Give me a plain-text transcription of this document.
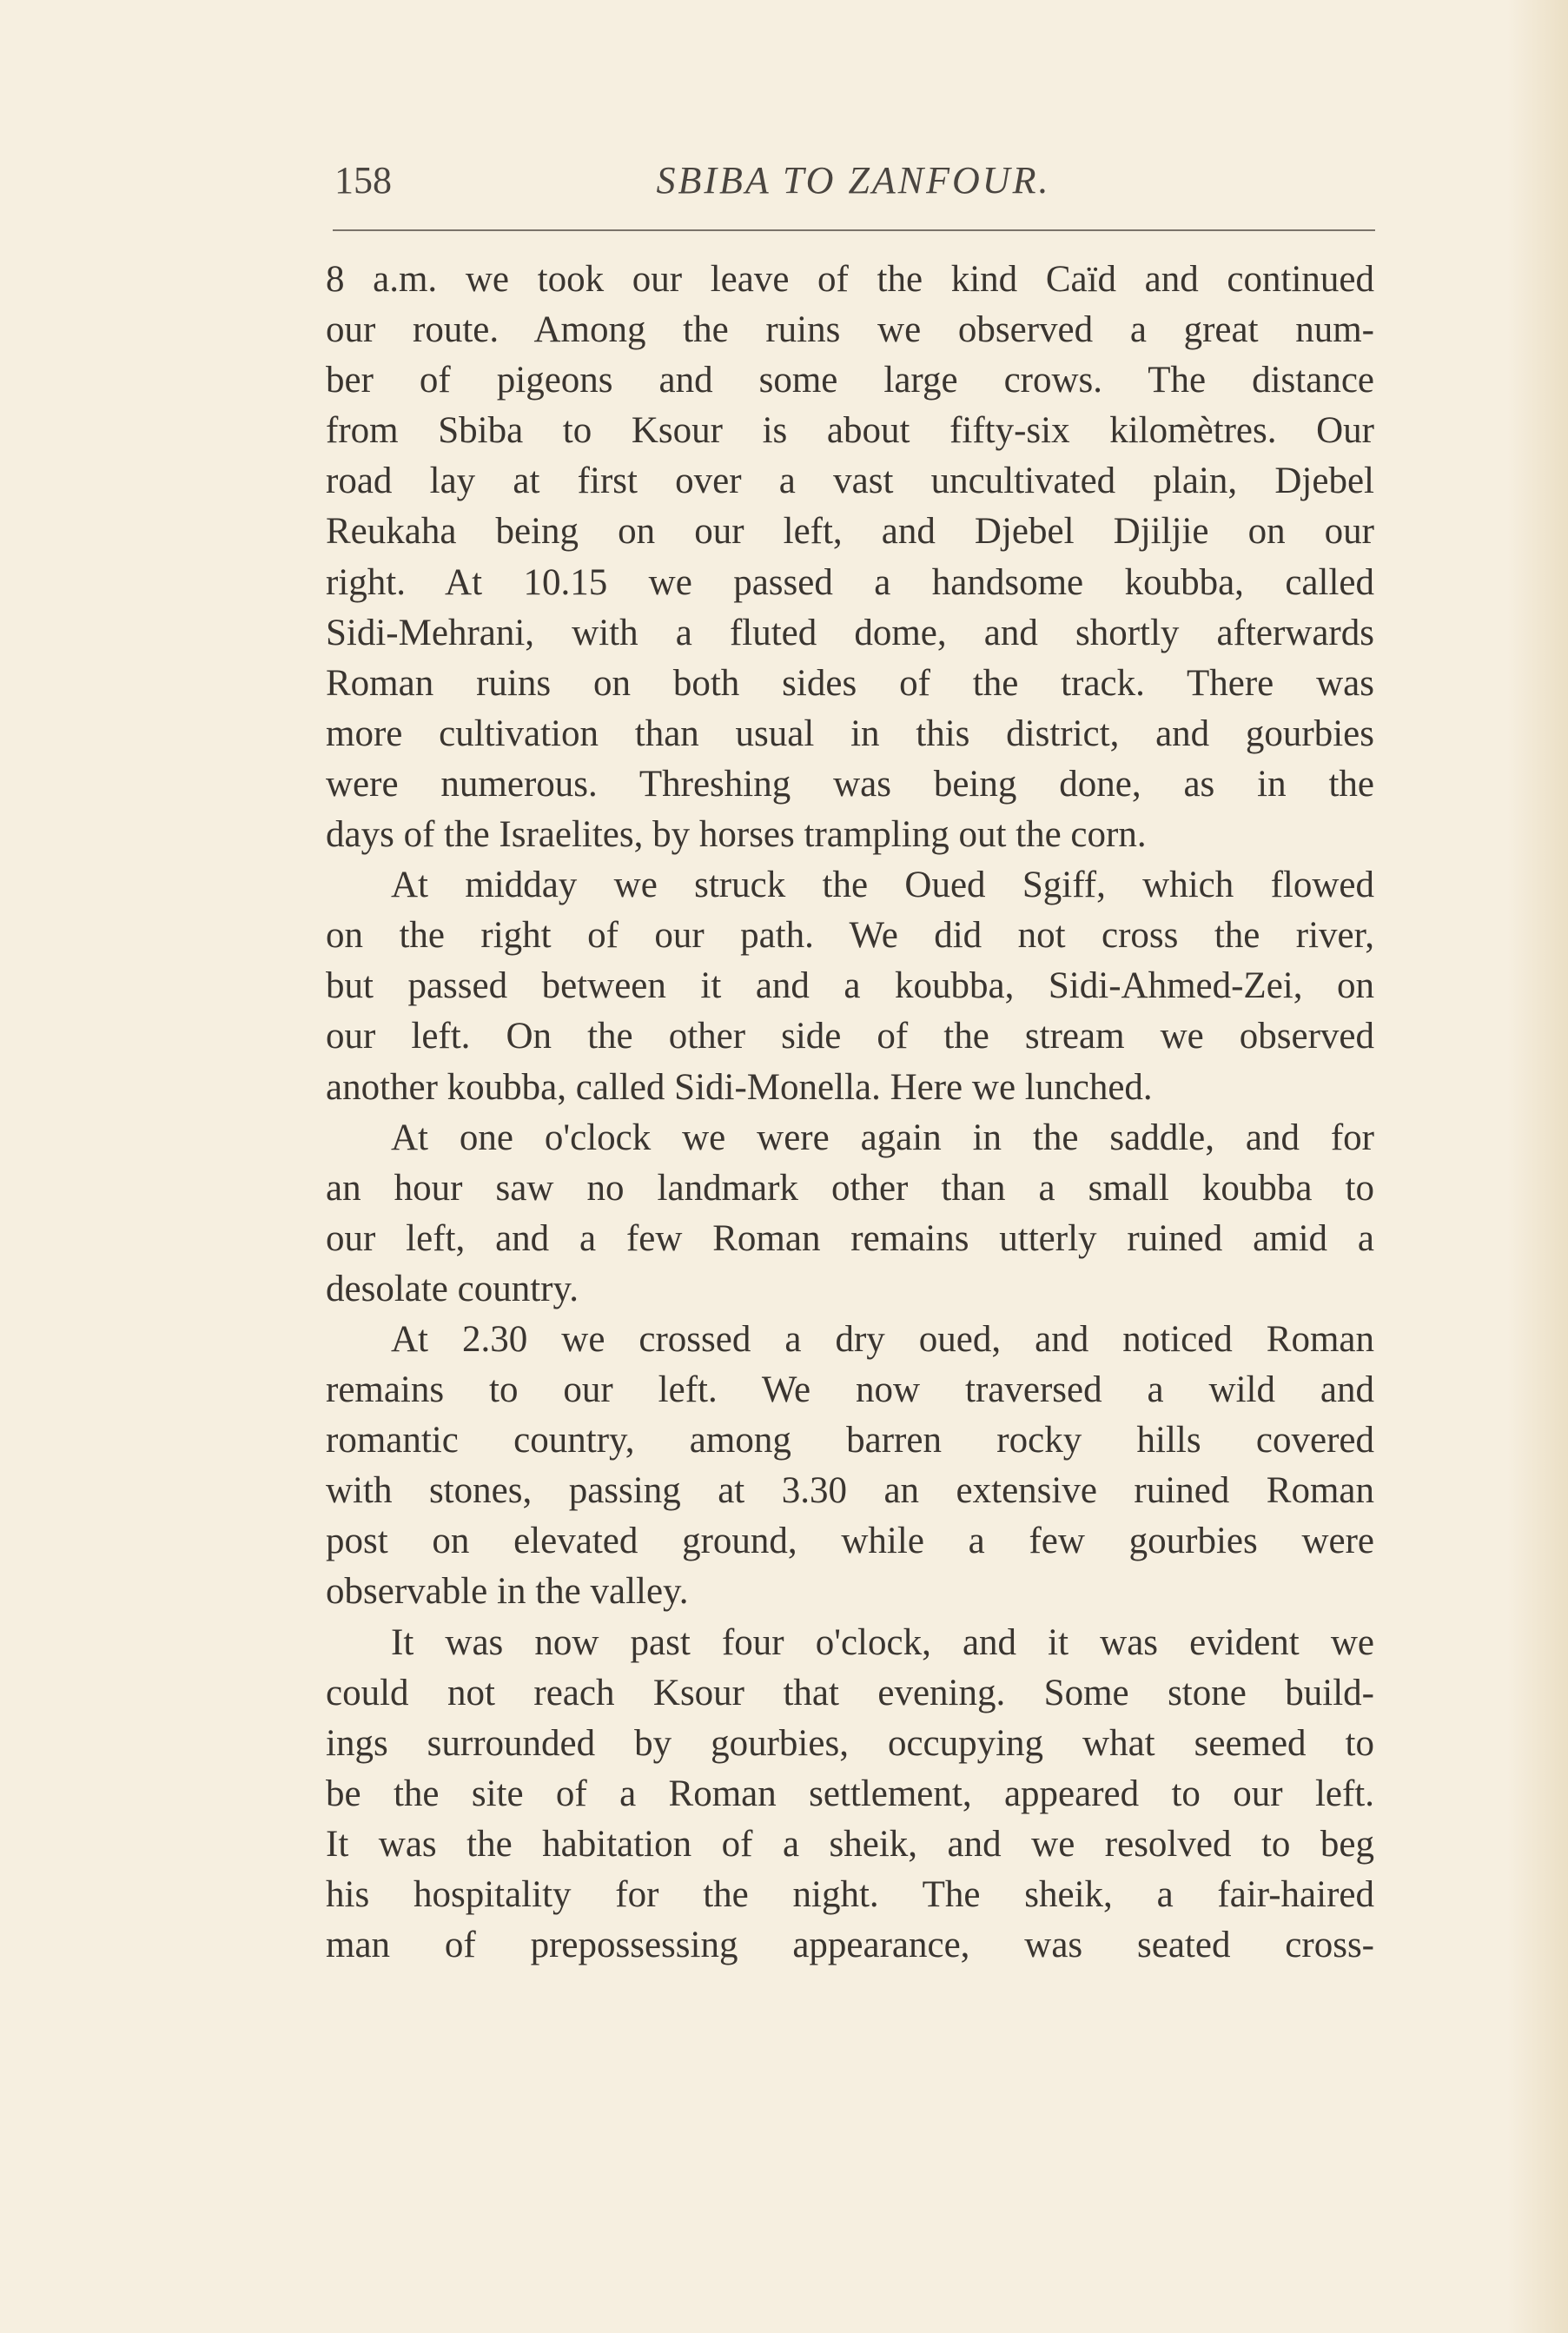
158	SBIBA TO ZANFOUR.
8 a.m. we took our leave of the kind Caïd and continued
our route. Among the ruins we observed a great num-
ber of pigeons and some large crows. The distance
from Sbiba to Ksour is about fifty-six kilomètres. Our
road lay at first over a vast uncultivated plain, Djebel
Reukaha being on our left, and Djebel Djiljie on our
right. At 10.15 we passed a handsome koubba, called
Sidi-Mehrani, with a fluted dome, and shortly afterwards
Roman ruins on both sides of the track. There was
more cultivation than usual in this district, and gourbies
were numerous. Threshing was being done, as in the
days of the Israelites, by horses trampling out the corn.
At midday we struck the Oued Sgiff, which flowed
on the right of our path. We did not cross the river,
but passed between it and a koubba, Sidi-Ahmed-Zei, on
our left. On the other side of the stream we observed
another koubba, called Sidi-Monella. Here we lunched.
At one o'clock we were again in the saddle, and for
an hour saw no landmark other than a small koubba to
our left, and a few Roman remains utterly ruined amid a
desolate country.
At 2.30 we crossed a dry oued, and noticed Roman
remains to our left. We now traversed a wild and
romantic country, among barren rocky hills covered
with stones, passing at 3.30 an extensive ruined Roman
post on elevated ground, while a few gourbies were
observable in the valley.
It was now past four o'clock, and it was evident we
could not reach Ksour that evening. Some stone build-
ings surrounded by gourbies, occupying what seemed to
be the site of a Roman settlement, appeared to our left.
It was the habitation of a sheik, and we resolved to beg
his hospitality for the night. The sheik, a fair-haired
man of prepossessing appearance, was seated cross-
